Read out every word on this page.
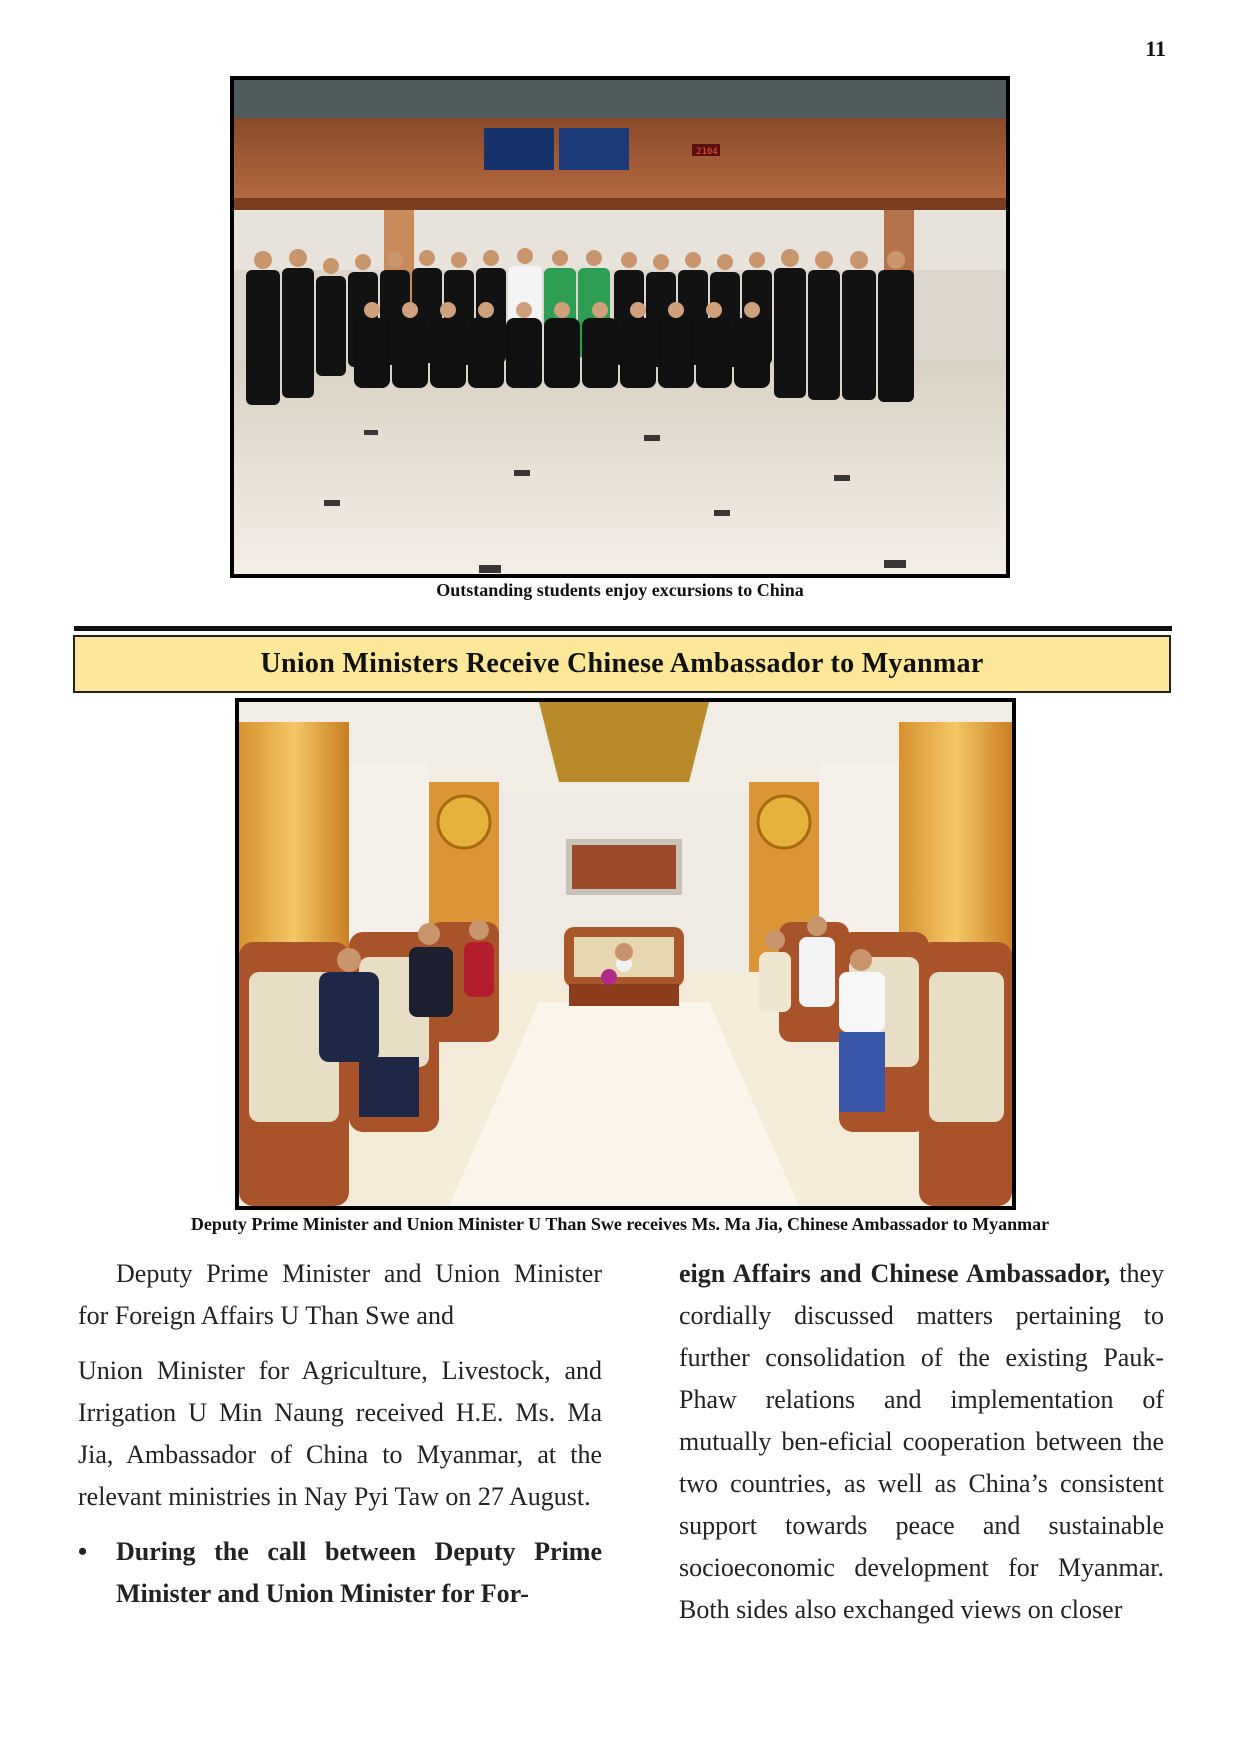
11
2104
Outstanding students enjoy excursions to China
Union Ministers Receive Chinese Ambassador to Myanmar
Deputy Prime Minister and Union Minister U Than Swe receives Ms. Ma Jia, Chinese Ambassador to Myanmar

Deputy Prime Minister and Union Minister for Foreign Affairs U Than Swe and

Union Minister for Agriculture, Livestock, and Irrigation U Min Naung received H.E. Ms. Ma Jia, Ambassador of China to Myanmar, at the relevant ministries in Nay Pyi Taw on 27 August.

• During the call between Deputy Prime Minister and Union Minister for For-

eign Affairs and Chinese Ambassador, they cordially discussed matters pertaining to further consolidation of the existing Pauk-Phaw relations and implementation of mutually ben-eficial cooperation between the two countries, as well as China’s consistent support towards peace and sustainable socioeconomic development for Myanmar. Both sides also exchanged views on closer
